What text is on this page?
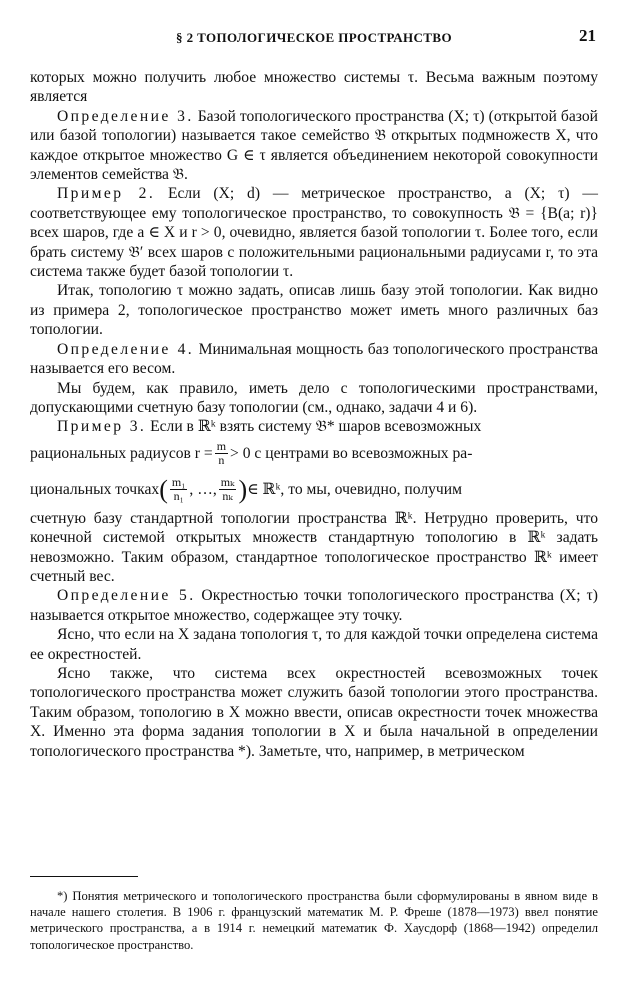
§ 2 ТОПОЛОГИЧЕСКОЕ ПРОСТРАНСТВО	21

которых можно получить любое множество системы τ. Весьма важным поэтому является

Определение 3. Базой топологического пространства (X; τ) (открытой базой или базой топологии) называется такое семейство 𝔅 открытых подмножеств X, что каждое открытое множество G ∈ τ является объединением некоторой совокупности элементов семейства 𝔅.

Пример 2. Если (X; d) — метрическое пространство, а (X; τ) — соответствующее ему топологическое пространство, то совокупность 𝔅 = {B(a; r)} всех шаров, где a ∈ X и r > 0, очевидно, является базой топологии τ. Более того, если брать систему 𝔅′ всех шаров с положительными рациональными радиусами r, то эта система также будет базой топологии τ.

Итак, топологию τ можно задать, описав лишь базу этой топологии. Как видно из примера 2, топологическое пространство может иметь много различных баз топологии.

Определение 4. Минимальная мощность баз топологического пространства называется его весом.

Мы будем, как правило, иметь дело с топологическими пространствами, допускающими счетную базу топологии (см., однако, задачи 4 и 6).

Пример 3. Если в ℝᵏ взять систему 𝔅* шаров всевозможных

рациональных радиусов $r = \frac{m}{n} > 0$ с центрами во всевозможных ра-
циональных точках ( $\frac{\text{m₁}}{\text{n₁}}$ , …, $\frac{\text{mₖ}}{\text{nₖ}}$ ) ∈ ℝᵏ, то мы, очевидно, получим

счетную базу стандартной топологии пространства ℝᵏ. Нетрудно проверить, что конечной системой открытых множеств стандартную топологию в ℝᵏ задать невозможно. Таким образом, стандартное топологическое пространство ℝᵏ имеет счетный вес.

Определение 5. Окрестностью точки топологического пространства (X; τ) называется открытое множество, содержащее эту точку.

Ясно, что если на X задана топология τ, то для каждой точки определена система ее окрестностей.

Ясно также, что система всех окрестностей всевозможных точек топологического пространства может служить базой топологии этого пространства. Таким образом, топологию в X можно ввести, описав окрестности точек множества X. Именно эта форма задания топологии в X и была начальной в определении топологического пространства *). Заметьте, что, например, в метрическом

*) Понятия метрического и топологического пространства были сформулированы в явном виде в начале нашего столетия. В 1906 г. французский математик М. Р. Фреше (1878—1973) ввел понятие метрического пространства, а в 1914 г. немецкий математик Ф. Хаусдорф (1868—1942) определил топологическое пространство.
